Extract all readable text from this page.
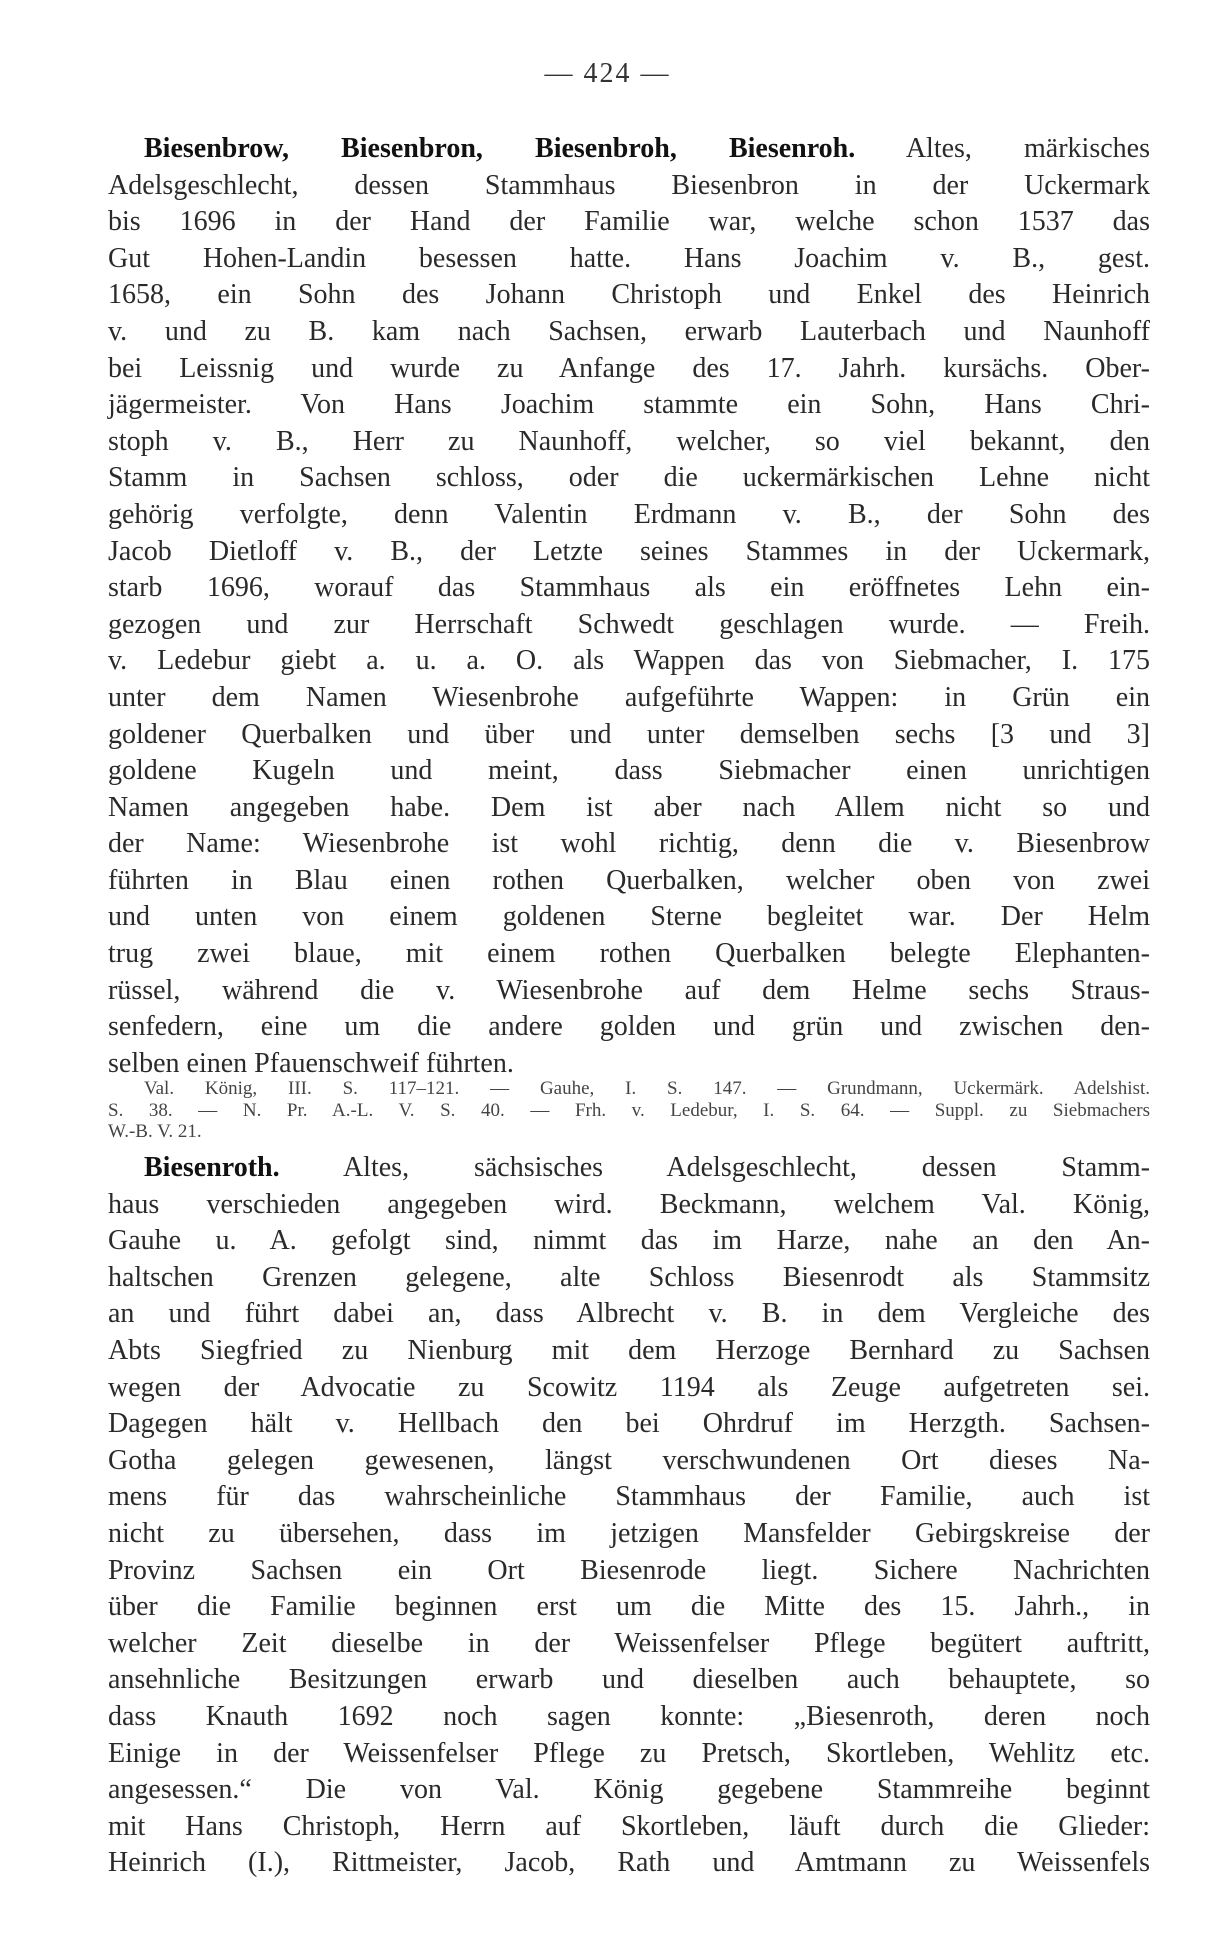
— 424 —
Biesenbrow, Biesenbron, Biesenbroh, Biesenroh. Altes, märkisches
Adelsgeschlecht, dessen Stammhaus Biesenbron in der Uckermark
bis 1696 in der Hand der Familie war, welche schon 1537 das
Gut Hohen-Landin besessen hatte. Hans Joachim v. B., gest.
1658, ein Sohn des Johann Christoph und Enkel des Heinrich
v. und zu B. kam nach Sachsen, erwarb Lauterbach und Naunhoff
bei Leissnig und wurde zu Anfange des 17. Jahrh. kursächs. Ober-
jägermeister. Von Hans Joachim stammte ein Sohn, Hans Chri-
stoph v. B., Herr zu Naunhoff, welcher, so viel bekannt, den
Stamm in Sachsen schloss, oder die uckermärkischen Lehne nicht
gehörig verfolgte, denn Valentin Erdmann v. B., der Sohn des
Jacob Dietloff v. B., der Letzte seines Stammes in der Uckermark,
starb 1696, worauf das Stammhaus als ein eröffnetes Lehn ein-
gezogen und zur Herrschaft Schwedt geschlagen wurde. — Freih.
v. Ledebur giebt a. u. a. O. als Wappen das von Siebmacher, I. 175
unter dem Namen Wiesenbrohe aufgeführte Wappen: in Grün ein
goldener Querbalken und über und unter demselben sechs [3 und 3]
goldene Kugeln und meint, dass Siebmacher einen unrichtigen
Namen angegeben habe. Dem ist aber nach Allem nicht so und
der Name: Wiesenbrohe ist wohl richtig, denn die v. Biesenbrow
führten in Blau einen rothen Querbalken, welcher oben von zwei
und unten von einem goldenen Sterne begleitet war. Der Helm
trug zwei blaue, mit einem rothen Querbalken belegte Elephanten-
rüssel, während die v. Wiesenbrohe auf dem Helme sechs Straus-
senfedern, eine um die andere golden und grün und zwischen den-
selben einen Pfauenschweif führten.
Val. König, III. S. 117–121. — Gauhe, I. S. 147. — Grundmann, Uckermärk. Adelshist.
S. 38. — N. Pr. A.-L. V. S. 40. — Frh. v. Ledebur, I. S. 64. — Suppl. zu Siebmachers
W.-B. V. 21.
Biesenroth. Altes, sächsisches Adelsgeschlecht, dessen Stamm-
haus verschieden angegeben wird. Beckmann, welchem Val. König,
Gauhe u. A. gefolgt sind, nimmt das im Harze, nahe an den An-
haltschen Grenzen gelegene, alte Schloss Biesenrodt als Stammsitz
an und führt dabei an, dass Albrecht v. B. in dem Vergleiche des
Abts Siegfried zu Nienburg mit dem Herzoge Bernhard zu Sachsen
wegen der Advocatie zu Scowitz 1194 als Zeuge aufgetreten sei.
Dagegen hält v. Hellbach den bei Ohrdruf im Herzgth. Sachsen-
Gotha gelegen gewesenen, längst verschwundenen Ort dieses Na-
mens für das wahrscheinliche Stammhaus der Familie, auch ist
nicht zu übersehen, dass im jetzigen Mansfelder Gebirgskreise der
Provinz Sachsen ein Ort Biesenrode liegt. Sichere Nachrichten
über die Familie beginnen erst um die Mitte des 15. Jahrh., in
welcher Zeit dieselbe in der Weissenfelser Pflege begütert auftritt,
ansehnliche Besitzungen erwarb und dieselben auch behauptete, so
dass Knauth 1692 noch sagen konnte: „Biesenroth, deren noch
Einige in der Weissenfelser Pflege zu Pretsch, Skortleben, Wehlitz etc.
angesessen.“ Die von Val. König gegebene Stammreihe beginnt
mit Hans Christoph, Herrn auf Skortleben, läuft durch die Glieder:
Heinrich (I.), Rittmeister, Jacob, Rath und Amtmann zu Weissenfels
